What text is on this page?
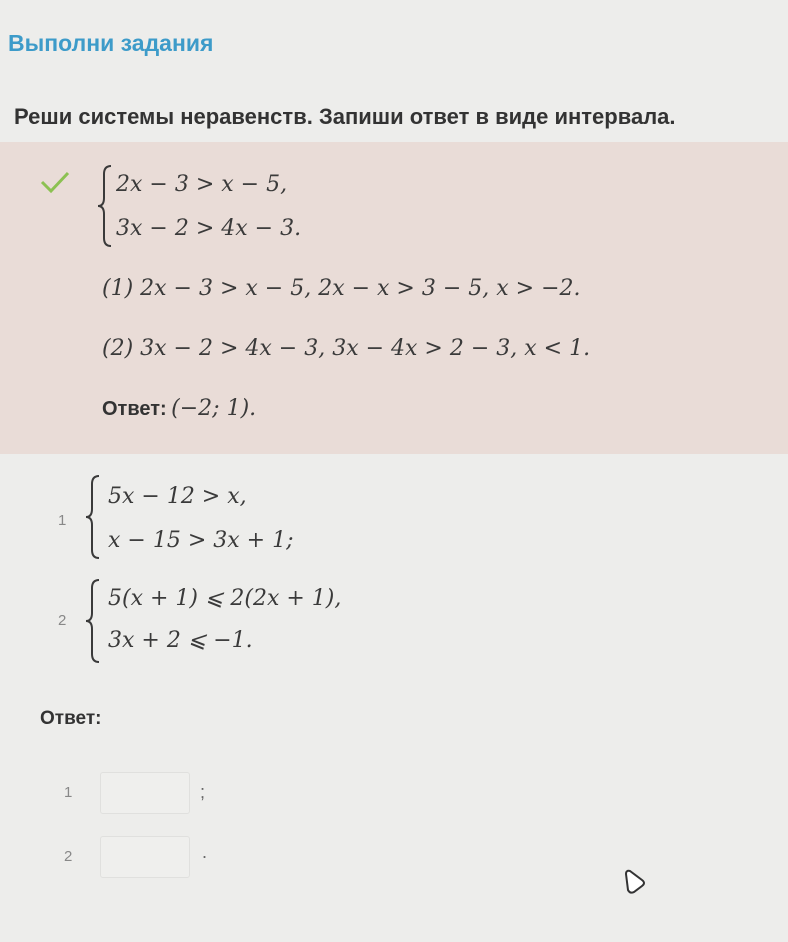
Выполни задания
Реши системы неравенств. Запиши ответ в виде интервала.
2x − 3 > x − 5,
3x − 2 > 4x − 3.
(1) 2x − 3 > x − 5, 2x − x > 3 − 5, x > −2.
(2) 3x − 2 > 4x − 3, 3x − 4x > 2 − 3, x < 1.
Ответ: (−2; 1).
1
5x − 12 > x,
x − 15 > 3x + 1;
2
5(x + 1) ⩽ 2(2x + 1),
3x + 2 ⩽ −1.
Ответ:
1	;
2	.
